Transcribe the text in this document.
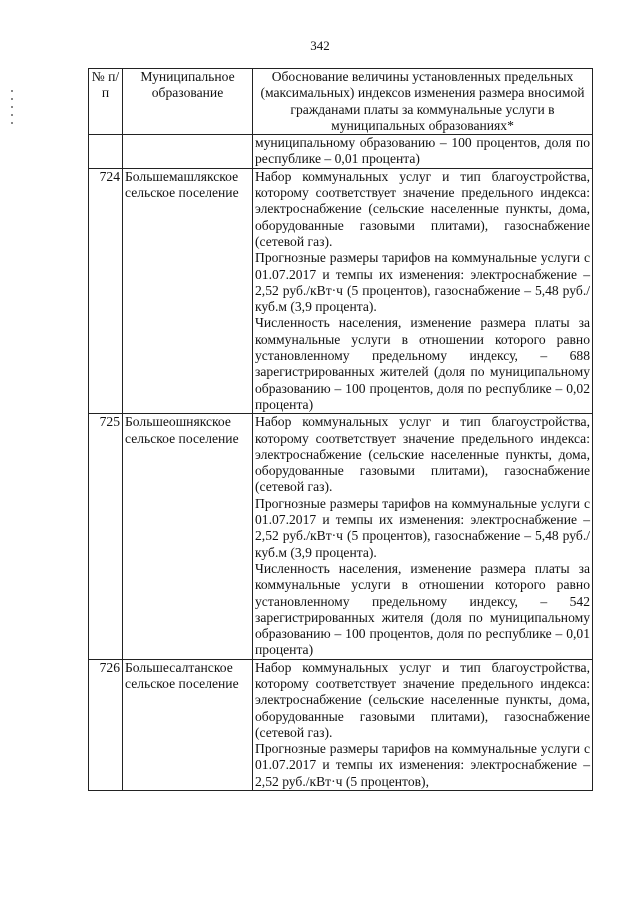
342
№ п/п	Муниципальное образование	Обоснование величины установленных предельных (максимальных) индексов изменения размера вносимой гражданами платы за коммунальные услуги в муниципальных образованиях*

		муниципальному образованию – 100 процентов, доля по республике – 0,01 процента)

724	Большемашлякское сельское поселение	Набор коммунальных услуг и тип благоустройства, которому соответствует значение предельного индекса: электроснабжение (сельские населенные пункты, дома, оборудованные газовыми плитами), газоснабжение (сетевой газ).

Прогнозные размеры тарифов на коммунальные услуги с 01.07.2017 и темпы их изменения: электроснабжение – 2,52 руб./кВт·ч (5 процентов), газоснабжение – 5,48 руб./куб.м (3,9 процента).

Численность населения, изменение размера платы за коммунальные услуги в отношении которого равно установленному предельному индексу, – 688 зарегистрированных жителей (доля по муниципальному образованию – 100 процентов, доля по республике – 0,02 процента)

725	Большеошнякское сельское поселение	Набор коммунальных услуг и тип благоустройства, которому соответствует значение предельного индекса: электроснабжение (сельские населенные пункты, дома, оборудованные газовыми плитами), газоснабжение (сетевой газ).

Прогнозные размеры тарифов на коммунальные услуги с 01.07.2017 и темпы их изменения: электроснабжение – 2,52 руб./кВт·ч (5 процентов), газоснабжение – 5,48 руб./куб.м (3,9 процента).

Численность населения, изменение размера платы за коммунальные услуги в отношении которого равно установленному предельному индексу, – 542 зарегистрированных жителя (доля по муниципальному образованию – 100 процентов, доля по республике – 0,01 процента)

726	Большесалтанское сельское поселение	Набор коммунальных услуг и тип благоустройства, которому соответствует значение предельного индекса: электроснабжение (сельские населенные пункты, дома, оборудованные газовыми плитами), газоснабжение (сетевой газ).

Прогнозные размеры тарифов на коммунальные услуги с 01.07.2017 и темпы их изменения: электроснабжение – 2,52 руб./кВт·ч (5 процентов),
